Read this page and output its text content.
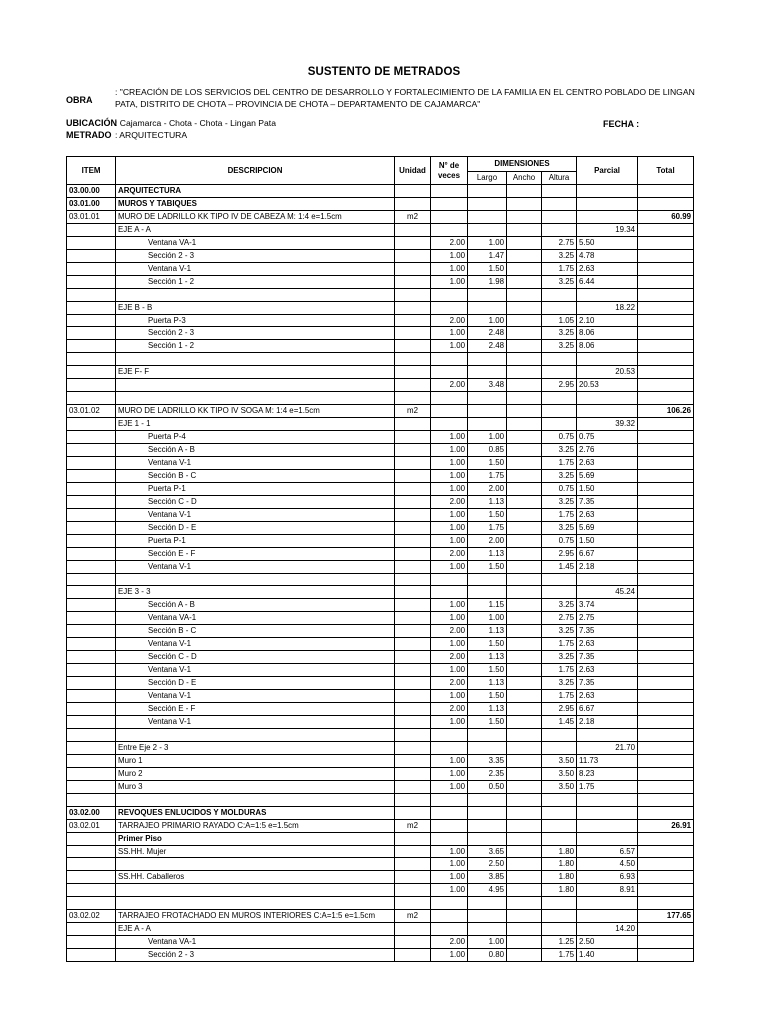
SUSTENTO DE METRADOS
OBRA
: "CREACIÓN DE LOS SERVICIOS DEL CENTRO DE DESARROLLO Y FORTALECIMIENTO DE LA FAMILIA EN EL CENTRO POBLADO DE LINGAN
PATA, DISTRITO DE CHOTA – PROVINCIA DE CHOTA – DEPARTAMENTO DE CAJAMARCA"
UBICACIÓN
: Cajamarca - Chota - Chota - Lingan Pata	FECHA :
METRADO : ARQUITECTURA
ITEM	DESCRIPCION	Unidad	N° de veces	DIMENSIONES			Parcial	Total
				Largo	Ancho	Altura		
03.00.00	ARQUITECTURA							
03.01.00	MUROS Y TABIQUES							
03.01.01	MURO DE LADRILLO KK TIPO IV DE CABEZA M: 1:4 e=1.5cm	m2						60.99
	EJE A - A						19.34	
	Ventana VA-1		2.00	1.00		2.75	5.50	
	Sección 2 - 3		1.00	1.47		3.25	4.78	
	Ventana V-1		1.00	1.50		1.75	2.63	
	Sección 1 - 2		1.00	1.98		3.25	6.44	

	EJE B - B						18.22	
	Puerta P-3		2.00	1.00		1.05	2.10	
	Sección 2 - 3		1.00	2.48		3.25	8.06	
	Sección 1 - 2		1.00	2.48		3.25	8.06	

	EJE F- F						20.53	
			2.00	3.48		2.95	20.53	

03.01.02	MURO DE LADRILLO KK TIPO IV SOGA M: 1:4 e=1.5cm	m2						106.26
	EJE 1 - 1						39.32	
	Puerta P-4		1.00	1.00		0.75	0.75	
	Sección A - B		1.00	0.85		3.25	2.76	
	Ventana V-1		1.00	1.50		1.75	2.63	
	Sección B - C		1.00	1.75		3.25	5.69	
	Puerta P-1		1.00	2.00		0.75	1.50	
	Sección C - D		2.00	1.13		3.25	7.35	
	Ventana V-1		1.00	1.50		1.75	2.63	
	Sección D - E		1.00	1.75		3.25	5.69	
	Puerta P-1		1.00	2.00		0.75	1.50	
	Sección E - F		2.00	1.13		2.95	6.67	
	Ventana V-1		1.00	1.50		1.45	2.18	

	EJE 3 - 3						45.24	
	Sección A - B		1.00	1.15		3.25	3.74	
	Ventana VA-1		1.00	1.00		2.75	2.75	
	Sección B - C		2.00	1.13		3.25	7.35	
	Ventana V-1		1.00	1.50		1.75	2.63	
	Sección C - D		2.00	1.13		3.25	7.35	
	Ventana V-1		1.00	1.50		1.75	2.63	
	Sección D - E		2.00	1.13		3.25	7.35	
	Ventana V-1		1.00	1.50		1.75	2.63	
	Sección E - F		2.00	1.13		2.95	6.67	
	Ventana V-1		1.00	1.50		1.45	2.18	

	Entre Eje 2 - 3						21.70	
	Muro 1		1.00	3.35		3.50	11.73	
	Muro 2		1.00	2.35		3.50	8.23	
	Muro 3		1.00	0.50		3.50	1.75	

03.02.00	REVOQUES ENLUCIDOS Y MOLDURAS							
03.02.01	TARRAJEO PRIMARIO RAYADO C:A=1:5 e=1.5cm	m2						26.91
	Primer Piso							
	SS.HH. Mujer		1.00	3.65		1.80	6.57	
			1.00	2.50		1.80	4.50	
	SS.HH. Caballeros		1.00	3.85		1.80	6.93	
			1.00	4.95		1.80	8.91	

03.02.02	TARRAJEO FROTACHADO EN MUROS INTERIORES C:A=1:5 e=1.5cm	m2						177.65
	EJE A - A						14.20	
	Ventana VA-1		2.00	1.00		1.25	2.50	
	Sección 2 - 3		1.00	0.80		1.75	1.40	
